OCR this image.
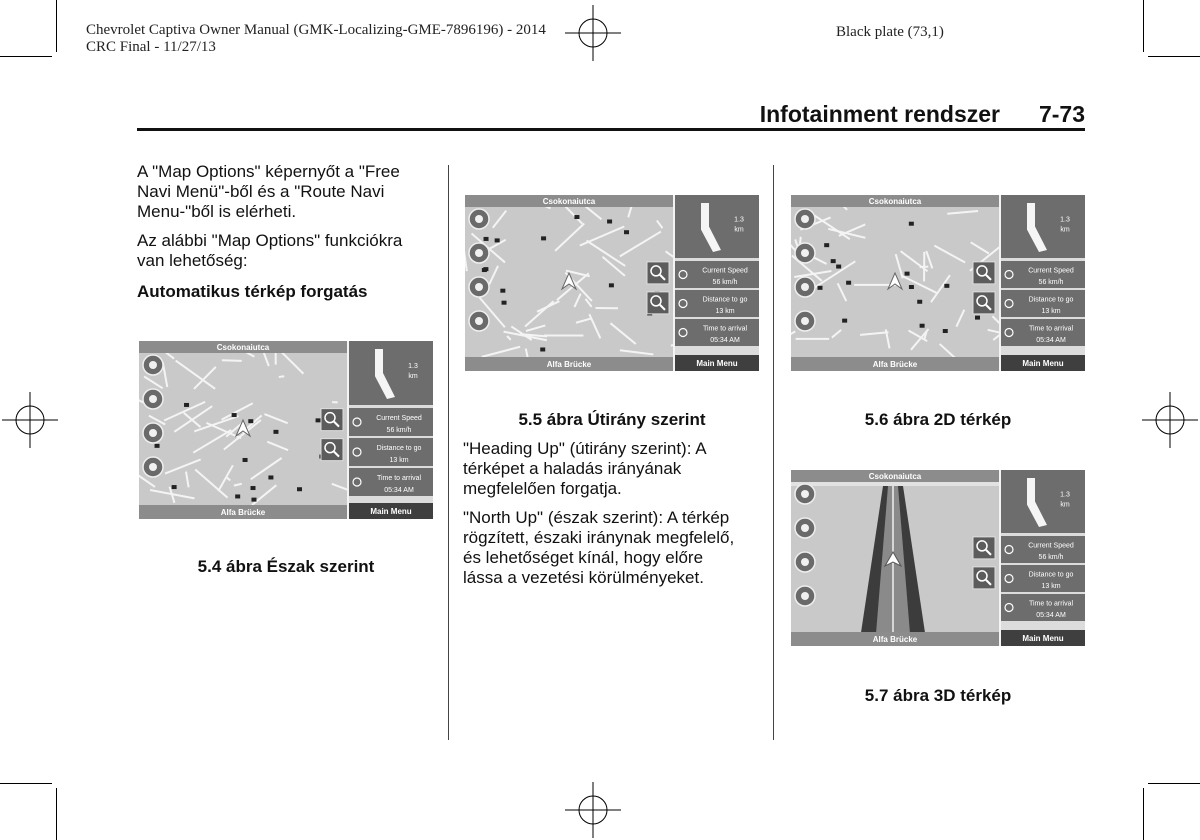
Chevrolet Captiva Owner Manual (GMK-Localizing-GME-7896196) - 2014
CRC Final - 11/27/13
Black plate (73,1)
Infotainment rendszer 7-73
A "Map Options" képernyőt a "Free
Navi Menü"-ből és a "Route Navi
Menu-"ből is elérheti.
Az alábbi "Map Options" funkciókra
van lehetőség:
Automatikus térkép forgatás
Csokonaiutca
Alfa Brücke
1.3
km
Current Speed
56 km/h
Distance to go
13 km
Time to arrival
05:34 AM
Main Menu
5.4 ábra Észak szerint
Csokonaiutca
Alfa Brücke
1.3
km
Current Speed
56 km/h
Distance to go
13 km
Time to arrival
05:34 AM
Main Menu
5.5 ábra Útirány szerint
"Heading Up" (útirány szerint): A
térképet a haladás irányának
megfelelően forgatja.
"North Up" (észak szerint): A térkép
rögzített, északi iránynak megfelelő,
és lehetőséget kínál, hogy előre
lássa a vezetési körülményeket.
Csokonaiutca
Alfa Brücke
1.3
km
Current Speed
56 km/h
Distance to go
13 km
Time to arrival
05:34 AM
Main Menu
5.6 ábra 2D térkép
Csokonaiutca
Alfa Brücke
1.3
km
Current Speed
56 km/h
Distance to go
13 km
Time to arrival
05:34 AM
Main Menu
5.7 ábra 3D térkép
